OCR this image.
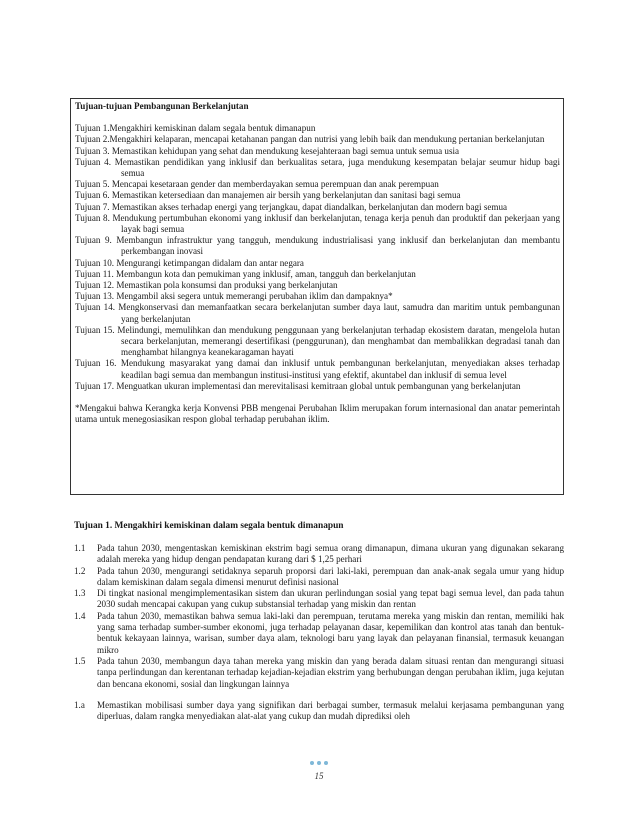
Tujuan-tujuan Pembangunan Berkelanjutan
Tujuan 1.Mengakhiri kemiskinan dalam segala bentuk dimanapun
Tujuan 2.Mengakhiri kelaparan, mencapai ketahanan pangan dan nutrisi yang lebih baik dan mendukung pertanian berkelanjutan
Tujuan 3. Memastikan kehidupan yang sehat dan mendukung kesejahteraan bagi semua untuk semua usia
Tujuan 4. Memastikan pendidikan yang inklusif dan berkualitas setara, juga mendukung kesempatan belajar seumur hidup bagi semua
Tujuan 5. Mencapai kesetaraan gender dan memberdayakan semua perempuan dan anak perempuan
Tujuan 6. Memastikan ketersediaan dan manajemen air bersih yang berkelanjutan dan sanitasi bagi semua
Tujuan 7. Memastikan akses terhadap energi yang terjangkau, dapat diandalkan, berkelanjutan dan modern bagi semua
Tujuan 8. Mendukung pertumbuhan ekonomi yang inklusif dan berkelanjutan, tenaga kerja penuh dan produktif dan pekerjaan yang layak bagi semua
Tujuan 9. Membangun infrastruktur yang tangguh, mendukung industrialisasi yang inklusif dan berkelanjutan dan membantu perkembangan inovasi
Tujuan 10. Mengurangi ketimpangan didalam dan antar negara
Tujuan 11. Membangun kota dan pemukiman yang inklusif, aman, tangguh dan berkelanjutan
Tujuan 12. Memastikan pola konsumsi dan produksi yang berkelanjutan
Tujuan 13. Mengambil aksi segera untuk memerangi perubahan iklim dan dampaknya*
Tujuan 14. Mengkonservasi dan memanfaatkan secara berkelanjutan sumber daya laut, samudra dan maritim untuk pembangunan yang berkelanjutan
Tujuan 15. Melindungi, memulihkan dan mendukung penggunaan yang berkelanjutan terhadap ekosistem daratan, mengelola hutan secara berkelanjutan, memerangi desertifikasi (penggurunan), dan menghambat dan membalikkan degradasi tanah dan menghambat hilangnya keanekaragaman hayati
Tujuan 16. Mendukung masyarakat yang damai dan inklusif untuk pembangunan berkelanjutan, menyediakan akses terhadap keadilan bagi semua dan membangun institusi-institusi yang efektif, akuntabel dan inklusif di semua level
Tujuan 17. Menguatkan ukuran implementasi dan merevitalisasi kemitraan global untuk pembangunan yang berkelanjutan
*Mengakui bahwa Kerangka kerja Konvensi PBB mengenai Perubahan Iklim merupakan forum internasional dan anatar pemerintah utama untuk menegosiasikan respon global terhadap perubahan iklim.
Tujuan 1. Mengakhiri kemiskinan dalam segala bentuk dimanapun
1.1 Pada tahun 2030, mengentaskan kemiskinan ekstrim bagi semua orang dimanapun, dimana ukuran yang digunakan sekarang adalah mereka yang hidup dengan pendapatan kurang dari $ 1,25 perhari
1.2 Pada tahun 2030, mengurangi setidaknya separuh proporsi dari laki-laki, perempuan dan anak-anak segala umur yang hidup dalam kemiskinan dalam segala dimensi menurut definisi nasional
1.3 Di tingkat nasional mengimplementasikan sistem dan ukuran perlindungan sosial yang tepat bagi semua level, dan pada tahun 2030 sudah mencapai cakupan yang cukup substansial terhadap yang miskin dan rentan
1.4 Pada tahun 2030, memastikan bahwa semua laki-laki dan perempuan, terutama mereka yang miskin dan rentan, memiliki hak yang sama terhadap sumber-sumber ekonomi, juga terhadap pelayanan dasar, kepemilikan dan kontrol atas tanah dan bentuk-bentuk kekayaan lainnya, warisan, sumber daya alam, teknologi baru yang layak dan pelayanan finansial, termasuk keuangan mikro
1.5 Pada tahun 2030, membangun daya tahan mereka yang miskin dan yang berada dalam situasi rentan dan mengurangi situasi tanpa perlindungan dan kerentanan terhadap kejadian-kejadian ekstrim yang berhubungan dengan perubahan iklim, juga kejutan dan bencana ekonomi, sosial dan lingkungan lainnya
1.a Memastikan mobilisasi sumber daya yang signifikan dari berbagai sumber, termasuk melalui kerjasama pembangunan yang diperluas, dalam rangka menyediakan alat-alat yang cukup dan mudah diprediksi oleh
15
